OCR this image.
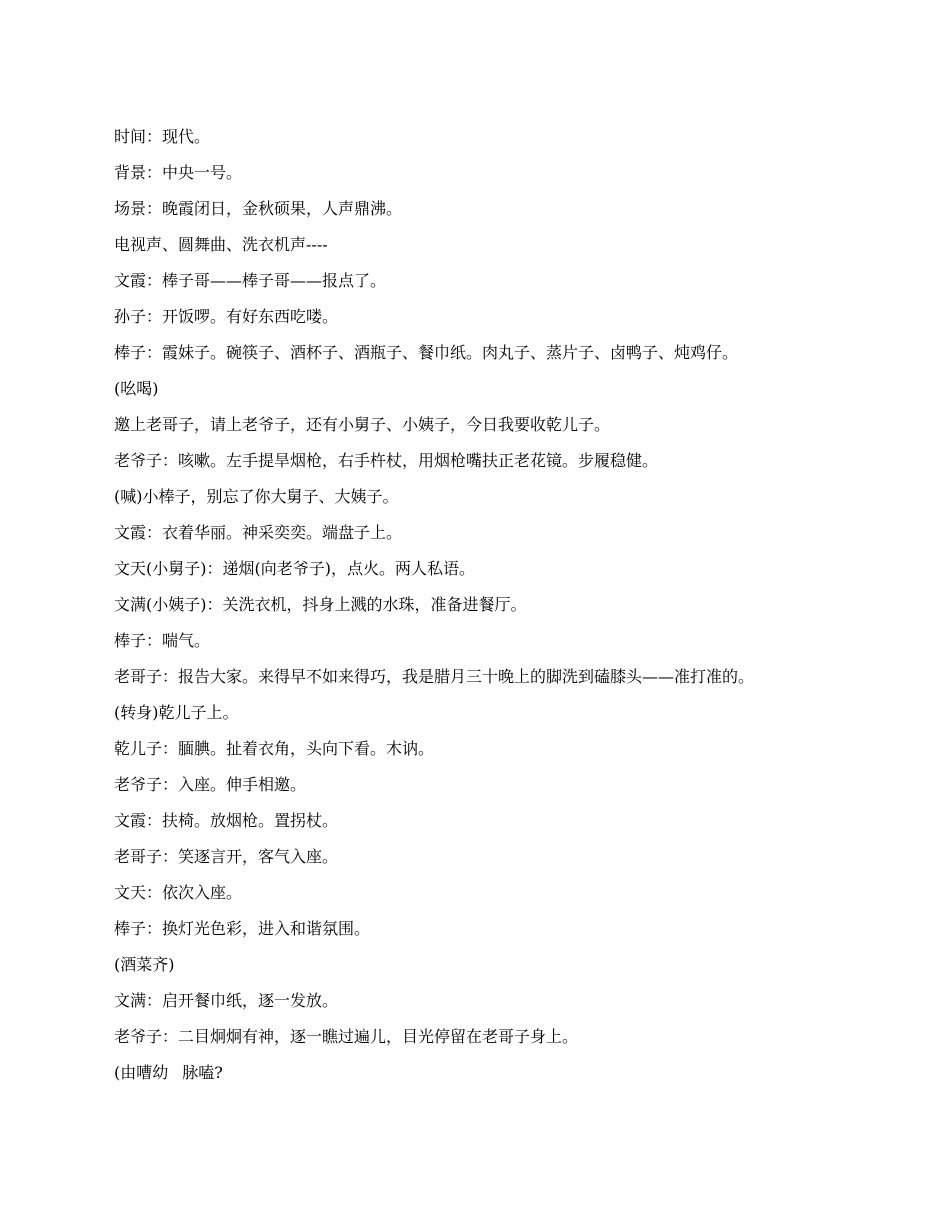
时间：现代。

背景：中央一号。

场景：晚霞闭日，金秋硕果，人声鼎沸。

电视声、圆舞曲、洗衣机声----

文霞：棒子哥——棒子哥——报点了。

孙子：开饭啰。有好东西吃喽。

棒子：霞妹子。碗筷子、酒杯子、酒瓶子、餐巾纸。肉丸子、蒸片子、卤鸭子、炖鸡仔。

(吆喝)

邀上老哥子，请上老爷子，还有小舅子、小姨子，今日我要收乾儿子。

老爷子：咳嗽。左手提旱烟枪，右手杵杖，用烟枪嘴扶正老花镜。步履稳健。

(喊)小棒子，别忘了你大舅子、大姨子。

文霞：衣着华丽。神采奕奕。端盘子上。

文天(小舅子)：递烟(向老爷子)，点火。两人私语。

文满(小姨子)：关洗衣机，抖身上溅的水珠，准备进餐厅。

棒子：喘气。

老哥子：报告大家。来得早不如来得巧，我是腊月三十晚上的脚洗到磕膝头——准打准的。

(转身)乾儿子上。

乾儿子：腼腆。扯着衣角，头向下看。木讷。

老爷子：入座。伸手相邀。

文霞：扶椅。放烟枪。置拐杖。

老哥子：笑逐言开，客气入座。

文天：依次入座。

棒子：换灯光色彩，进入和谐氛围。

(酒菜齐)

文满：启开餐巾纸，逐一发放。

老爷子：二目炯炯有神，逐一瞧过遍儿，目光停留在老哥子身上。

(由嘈幼 脉嗑?
